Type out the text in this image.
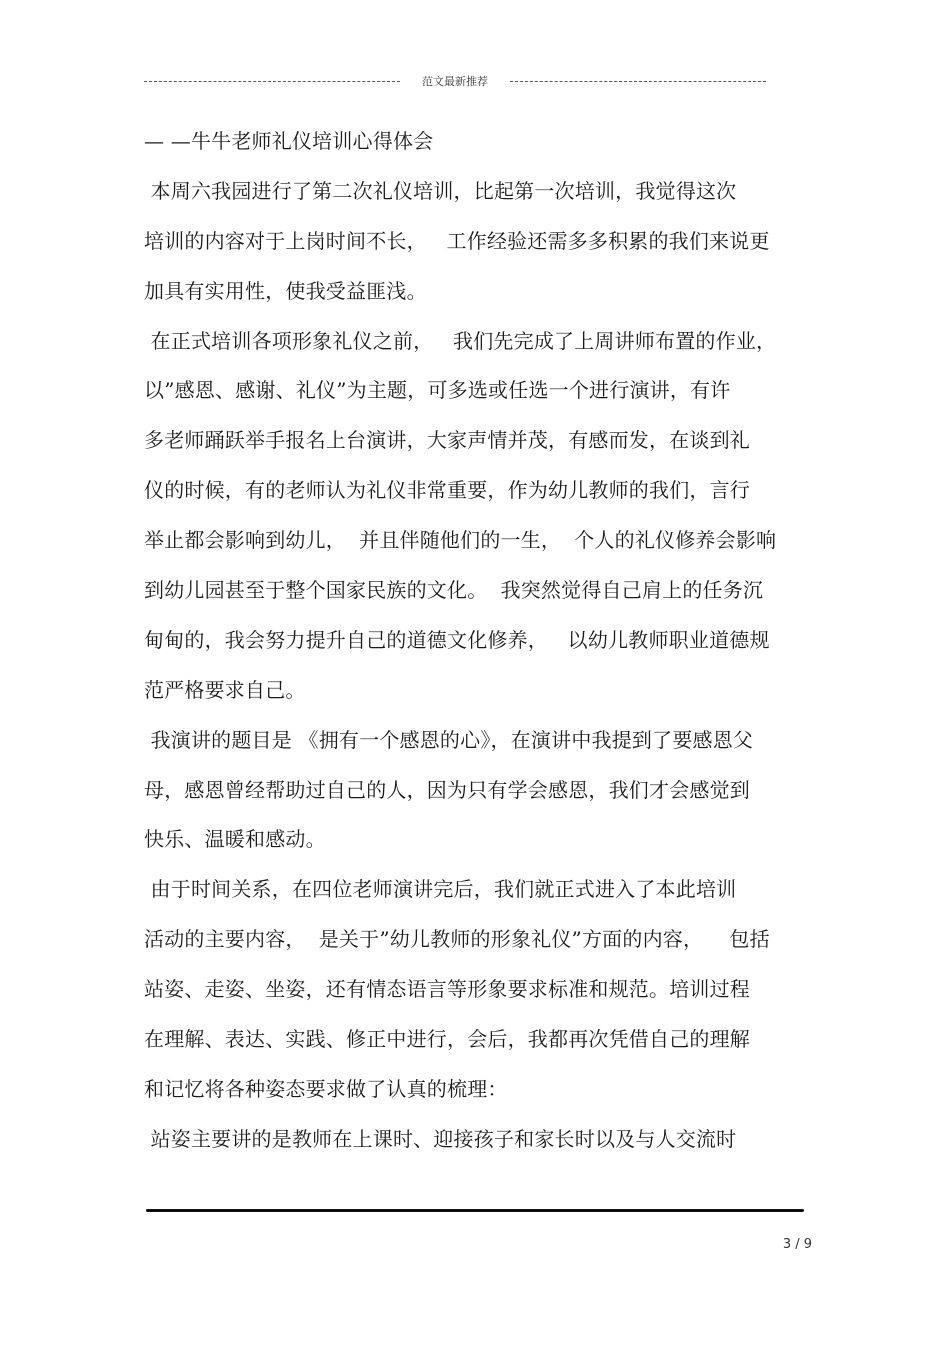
范文最新推荐
— —牛牛老师礼仪培训心得体会
本周六我园进行了第二次礼仪培训，比起第一次培训，我觉得这次
培训的内容对于上岗时间不长，   工作经验还需多多积累的我们来说更
加具有实用性，使我受益匪浅。
在正式培训各项形象礼仪之前，   我们先完成了上周讲师布置的作业，
以”感恩、感谢、礼仪”为主题，可多选或任选一个进行演讲，有许
多老师踊跃举手报名上台演讲，大家声情并茂，有感而发，在谈到礼
仪的时候，有的老师认为礼仪非常重要，作为幼儿教师的我们，言行
举止都会影响到幼儿，  并且伴随他们的一生，  个人的礼仪修养会影响
到幼儿园甚至于整个国家民族的文化。  我突然觉得自己肩上的任务沉
甸甸的，我会努力提升自己的道德文化修养，   以幼儿教师职业道德规
范严格要求自己。
我演讲的题目是 《拥有一个感恩的心》，在演讲中我提到了要感恩父
母，感恩曾经帮助过自己的人，因为只有学会感恩，我们才会感觉到
快乐、温暖和感动。
由于时间关系，在四位老师演讲完后，我们就正式进入了本此培训
活动的主要内容，  是关于”幼儿教师的形象礼仪”方面的内容，    包括
站姿、走姿、坐姿，还有情态语言等形象要求标准和规范。培训过程
在理解、表达、实践、修正中进行，会后，我都再次凭借自己的理解
和记忆将各种姿态要求做了认真的梳理：
站姿主要讲的是教师在上课时、迎接孩子和家长时以及与人交流时
3 / 9
